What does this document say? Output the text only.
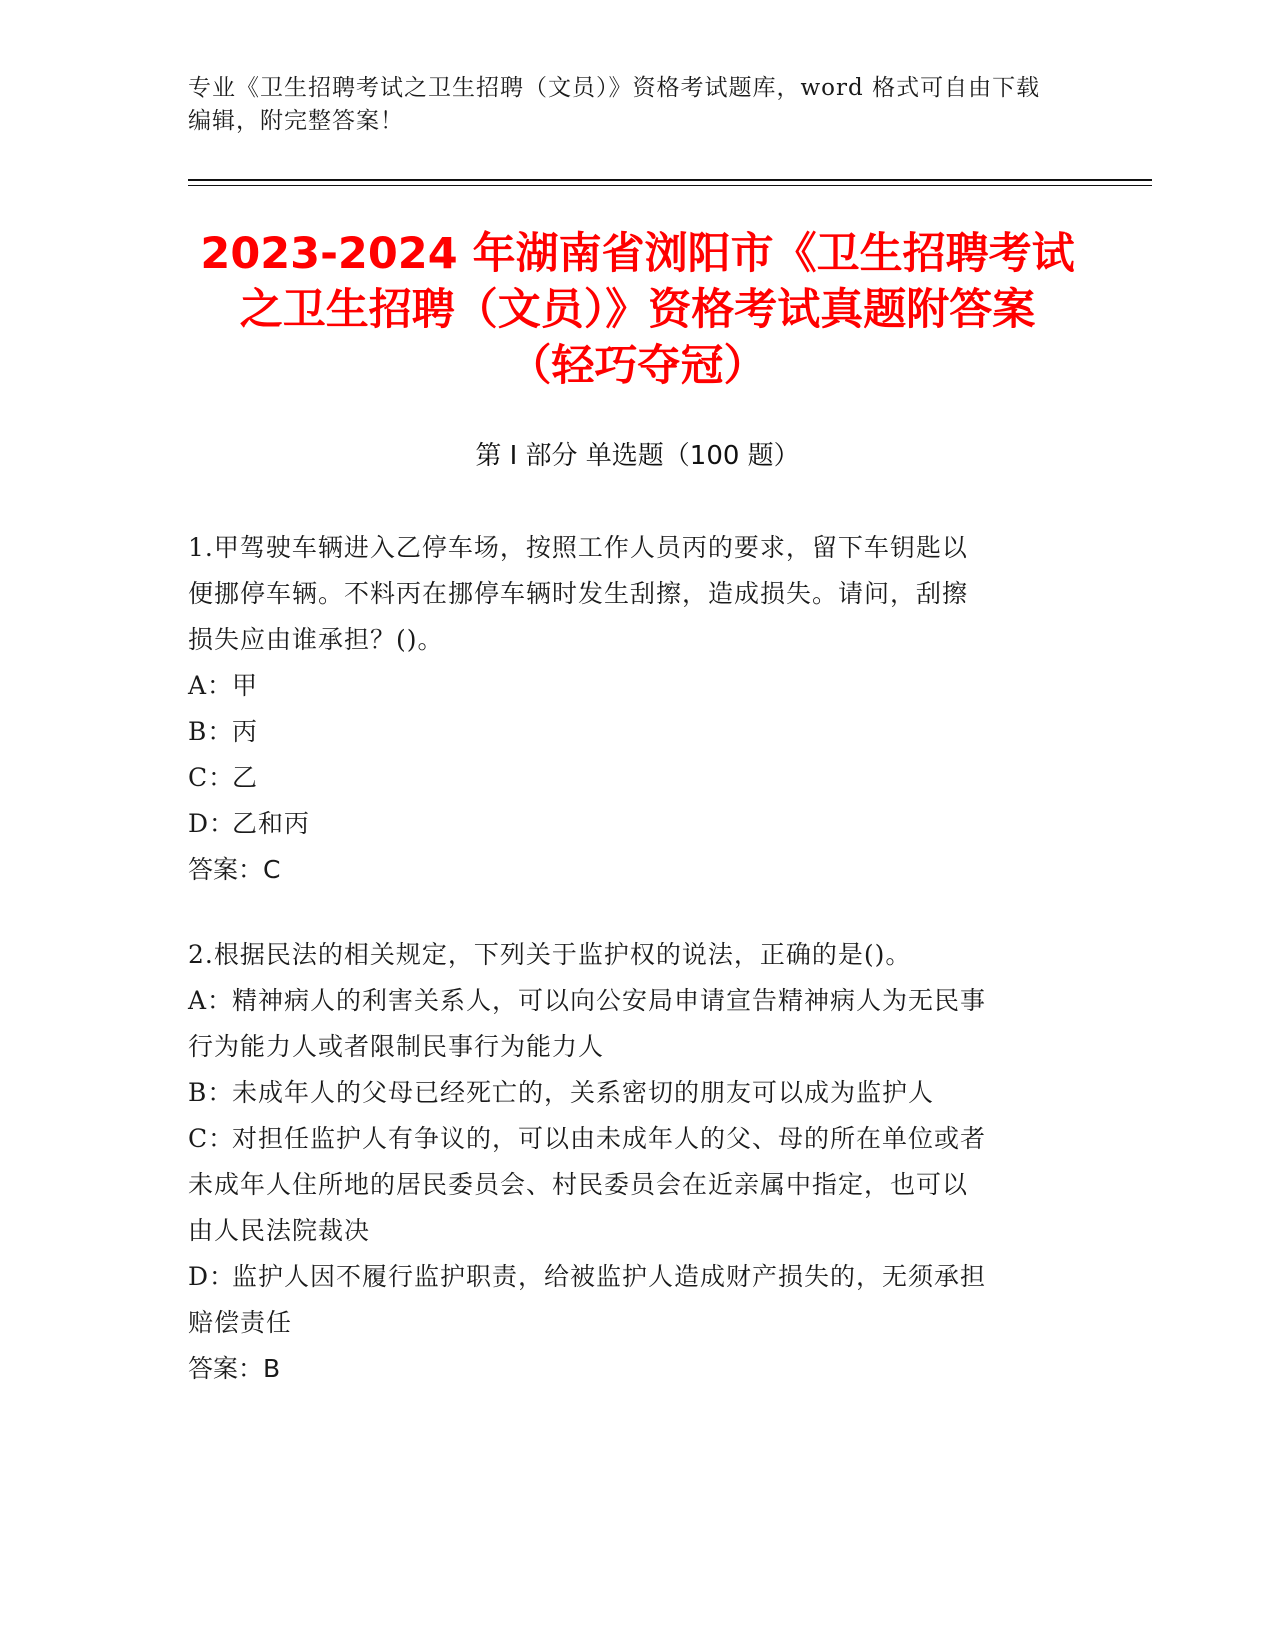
专业《卫生招聘考试之卫生招聘（文员）》资格考试题库，word 格式可自由下载
编辑，附完整答案！
2023-2024 年湖南省浏阳市《卫生招聘考试
之卫生招聘（文员）》资格考试真题附答案
（轻巧夺冠）
第 I 部分 单选题（100 题）
1.甲驾驶车辆进入乙停车场，按照工作人员丙的要求，留下车钥匙以
便挪停车辆。不料丙在挪停车辆时发生刮擦，造成损失。请问，刮擦
损失应由谁承担？()。
A：甲
B：丙
C：乙
D：乙和丙
答案：C
2.根据民法的相关规定，下列关于监护权的说法，正确的是()。
A：精神病人的利害关系人，可以向公安局申请宣告精神病人为无民事
行为能力人或者限制民事行为能力人
B：未成年人的父母已经死亡的，关系密切的朋友可以成为监护人
C：对担任监护人有争议的，可以由未成年人的父、母的所在单位或者
未成年人住所地的居民委员会、村民委员会在近亲属中指定，也可以
由人民法院裁决
D：监护人因不履行监护职责，给被监护人造成财产损失的，无须承担
赔偿责任
答案：B
